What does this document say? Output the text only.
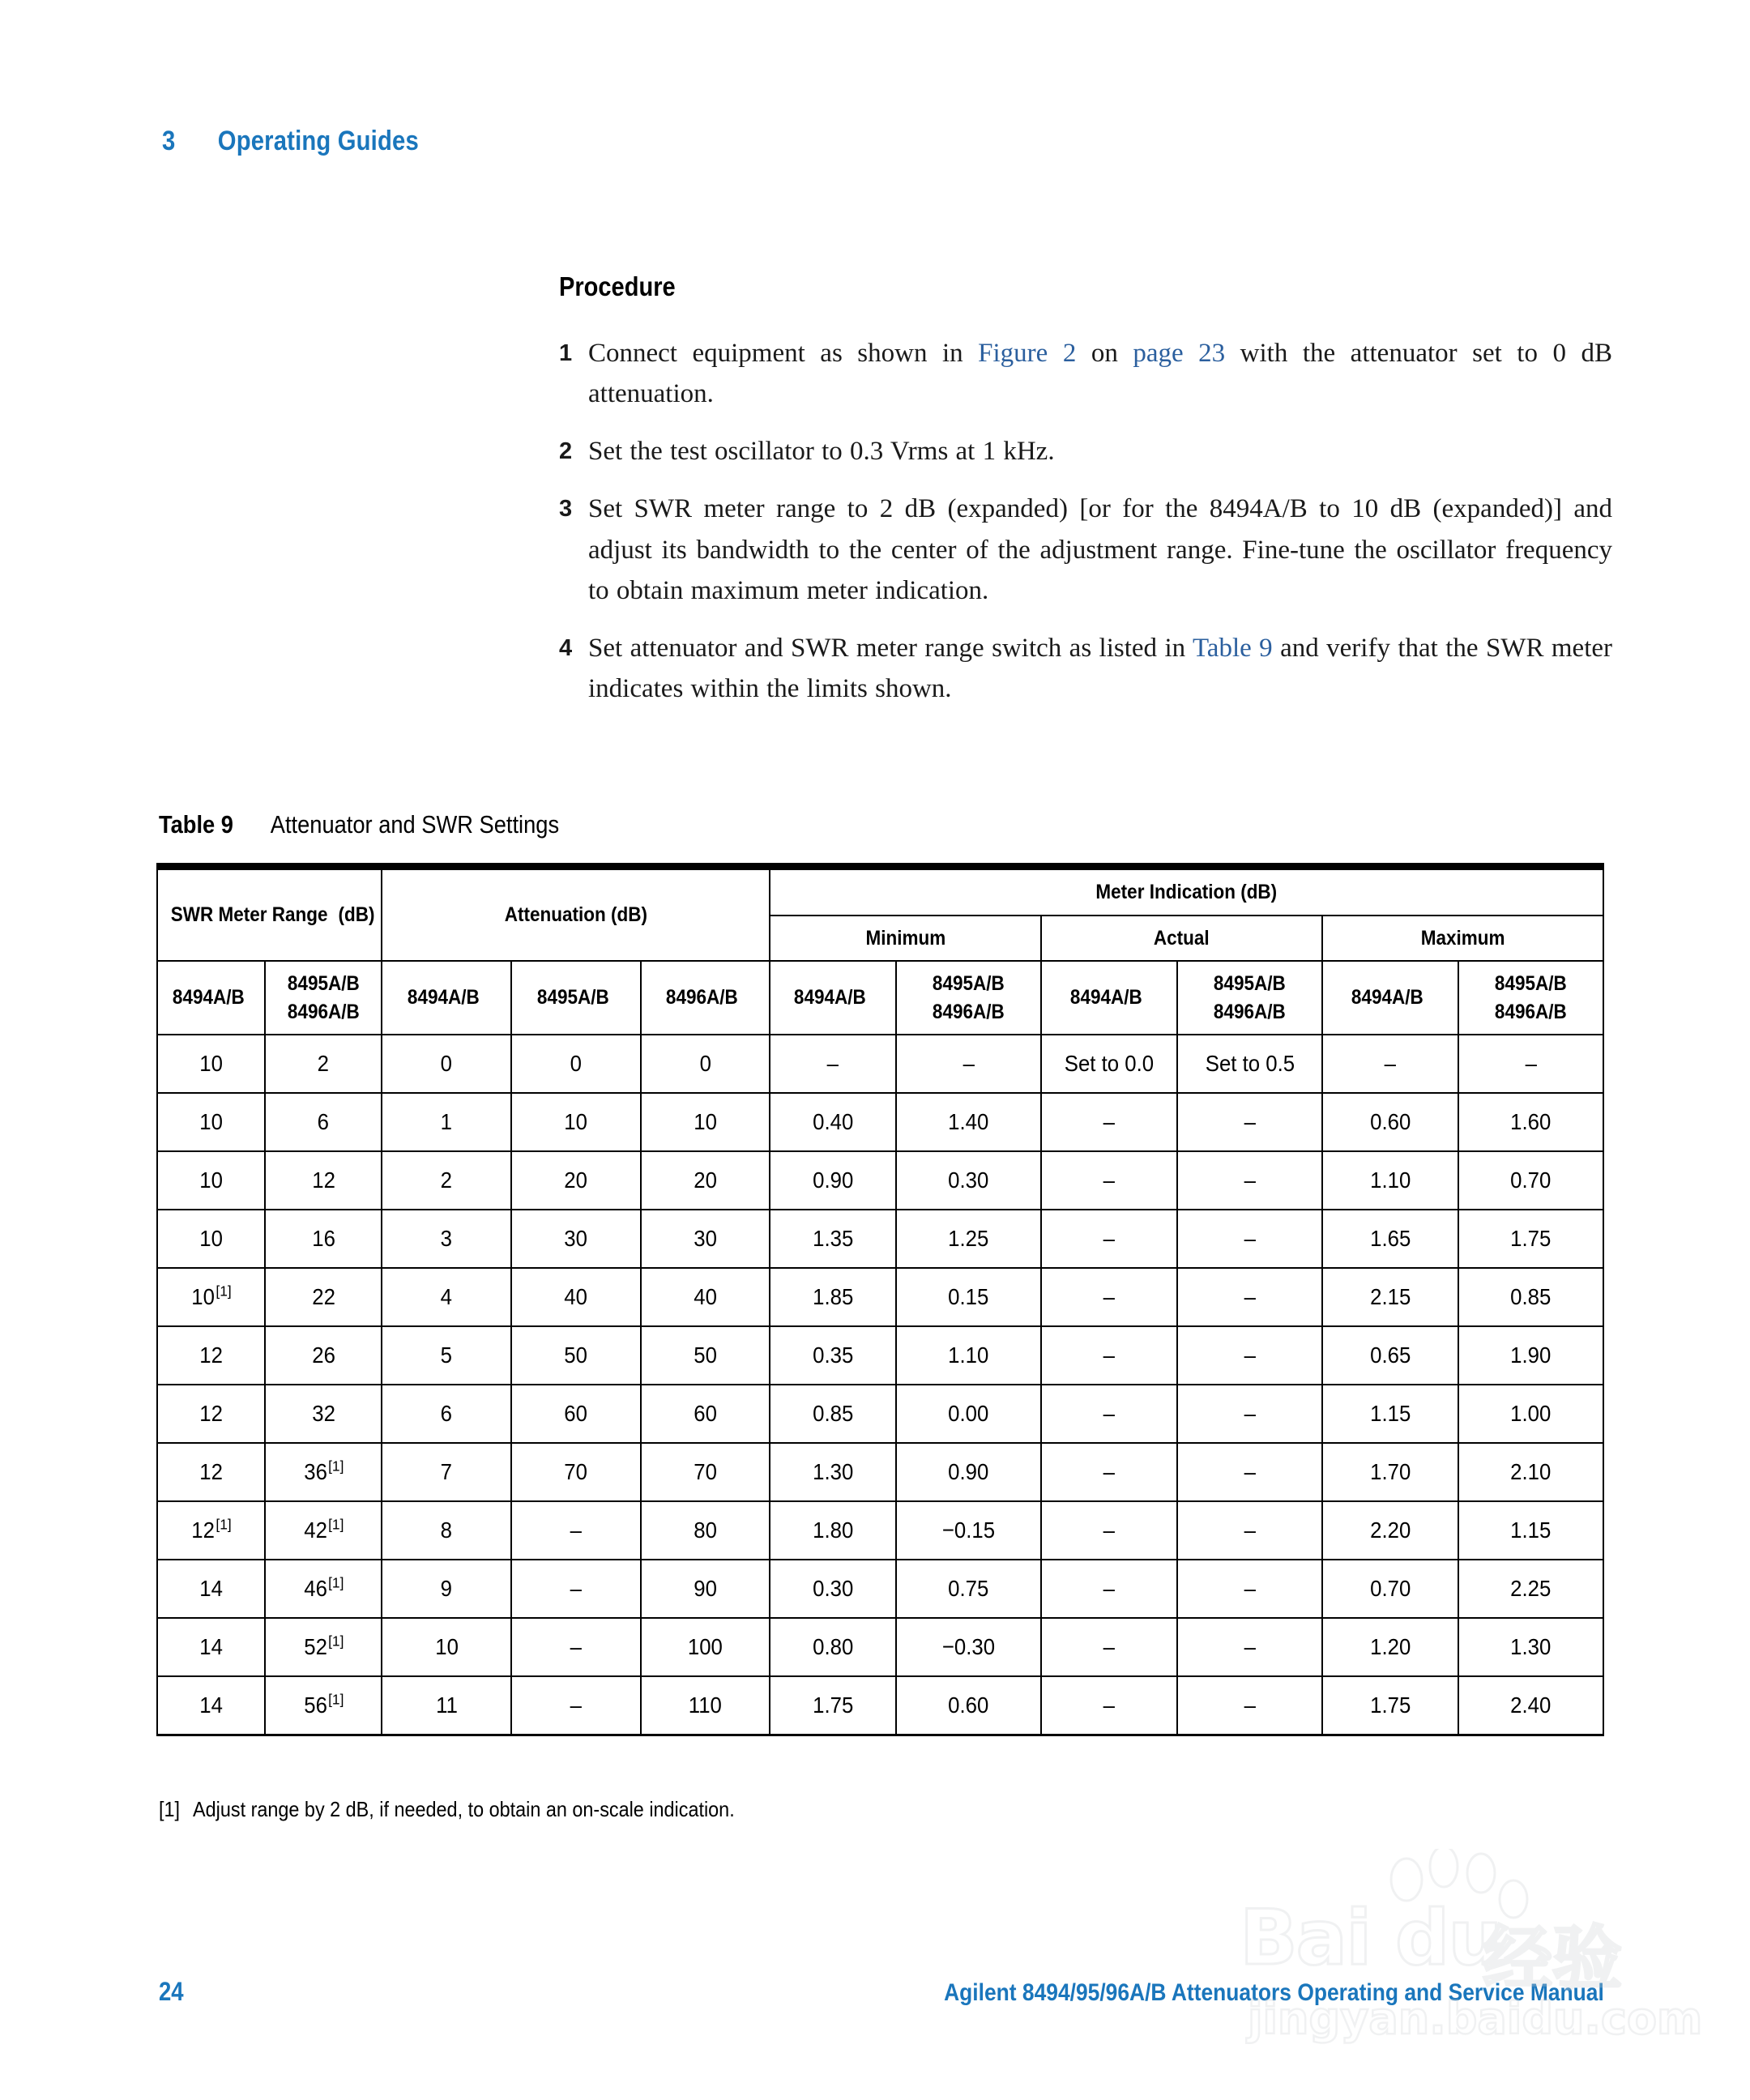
3	Operating Guides
Procedure
1 Connect equipment as shown in Figure 2 on page 23 with the attenuator set to 0 dB attenuation.
2 Set the test oscillator to 0.3 Vrms at 1 kHz.
3 Set SWR meter range to 2 dB (expanded) [or for the 8494A/B to 10 dB (expanded)] and adjust its bandwidth to the center of the adjustment range. Fine-tune the oscillator frequency to obtain maximum meter indication.
4 Set attenuator and SWR meter range switch as listed in Table 9 and verify that the SWR meter indicates within the limits shown.
Table 9 Attenuator and SWR Settings
SWR Meter Range (dB)		Attenuation (dB)			Meter Indication (dB)					
					Minimum		Actual		Maximum	
8494A/B	8495A/B8496A/B	8494A/B	8495A/B	8496A/B	8494A/B	8495A/B8496A/B	8494A/B	8495A/B8496A/B	8494A/B	8495A/B8496A/B
10	2	0	0	0	–	–	Set to 0.0	Set to 0.5	–	–
10	6	1	10	10	0.40	1.40	–	–	0.60	1.60
10	12	2	20	20	0.90	0.30	–	–	1.10	0.70
10	16	3	30	30	1.35	1.25	–	–	1.65	1.75
10[1]	22	4	40	40	1.85	0.15	–	–	2.15	0.85
12	26	5	50	50	0.35	1.10	–	–	0.65	1.90
12	32	6	60	60	0.85	0.00	–	–	1.15	1.00
12	36[1]	7	70	70	1.30	0.90	–	–	1.70	2.10
12[1]	42[1]	8	–	80	1.80	−0.15	–	–	2.20	1.15
14	46[1]	9	–	90	0.30	0.75	–	–	0.70	2.25
14	52[1]	10	–	100	0.80	−0.30	–	–	1.20	1.30
14	56[1]	11	–	110	1.75	0.60	–	–	1.75	2.40
[1] Adjust range by 2 dB, if needed, to obtain an on-scale indication.
24	Agilent 8494/95/96A/B Attenuators Operating and Service Manual
Bai du
经验
jingyan.baidu.com
